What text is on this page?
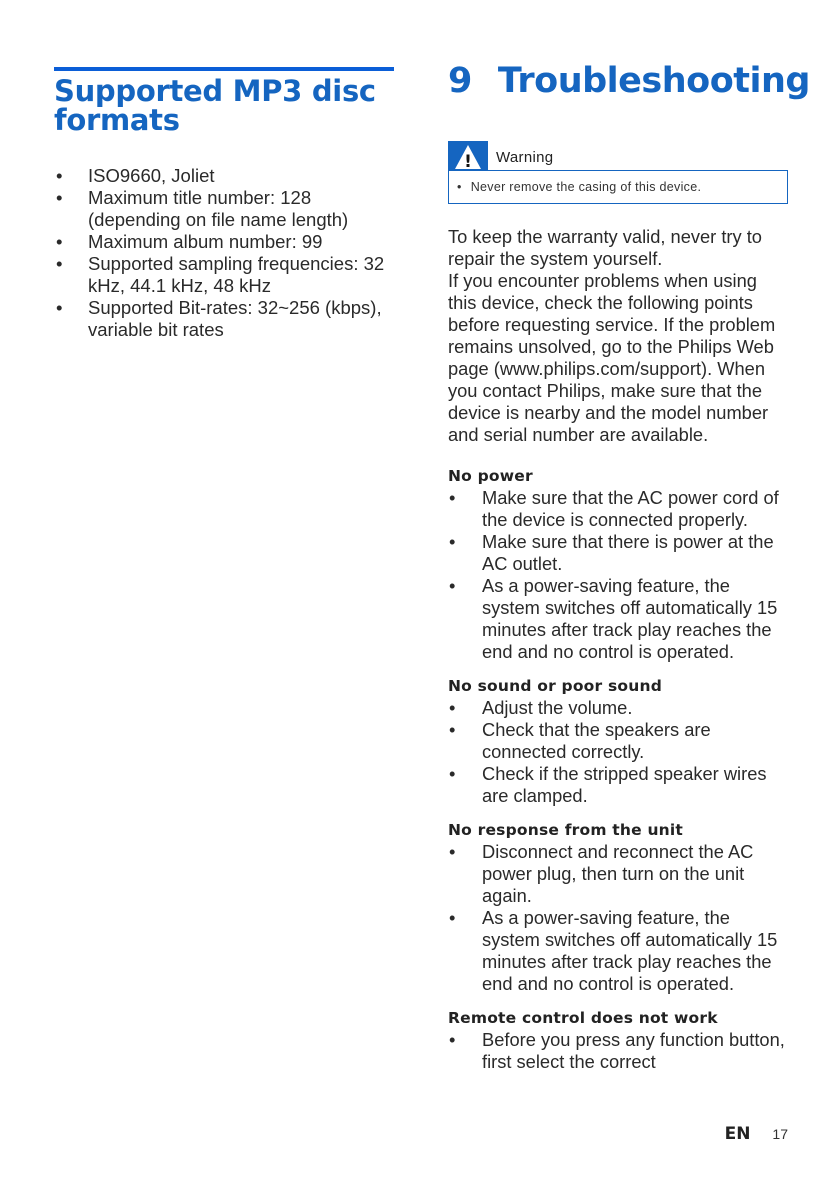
Supported MP3 disc formats
• ISO9660, Joliet
• Maximum title number: 128 (depending on file name length)
• Maximum album number: 99
• Supported sampling frequencies: 32 kHz, 44.1 kHz, 48 kHz
• Supported Bit-rates: 32~256 (kbps), variable bit rates
9 Troubleshooting
! Warning
• Never remove the casing of this device.

To keep the warranty valid, never try to repair the system yourself.

If you encounter problems when using this device, check the following points before requesting service. If the problem remains unsolved, go to the Philips Web page (www.philips.com/support). When you contact Philips, make sure that the device is nearby and the model number and serial number are available.

No power
• Make sure that the AC power cord of the device is connected properly.
• Make sure that there is power at the AC outlet.
• As a power-saving feature, the system switches off automatically 15 minutes after track play reaches the end and no control is operated.
No sound or poor sound
• Adjust the volume.
• Check that the speakers are connected correctly.
• Check if the stripped speaker wires are clamped.
No response from the unit
• Disconnect and reconnect the AC power plug, then turn on the unit again.
• As a power-saving feature, the system switches off automatically 15 minutes after track play reaches the end and no control is operated.
Remote control does not work
• Before you press any function button, first select the correct
EN 17
